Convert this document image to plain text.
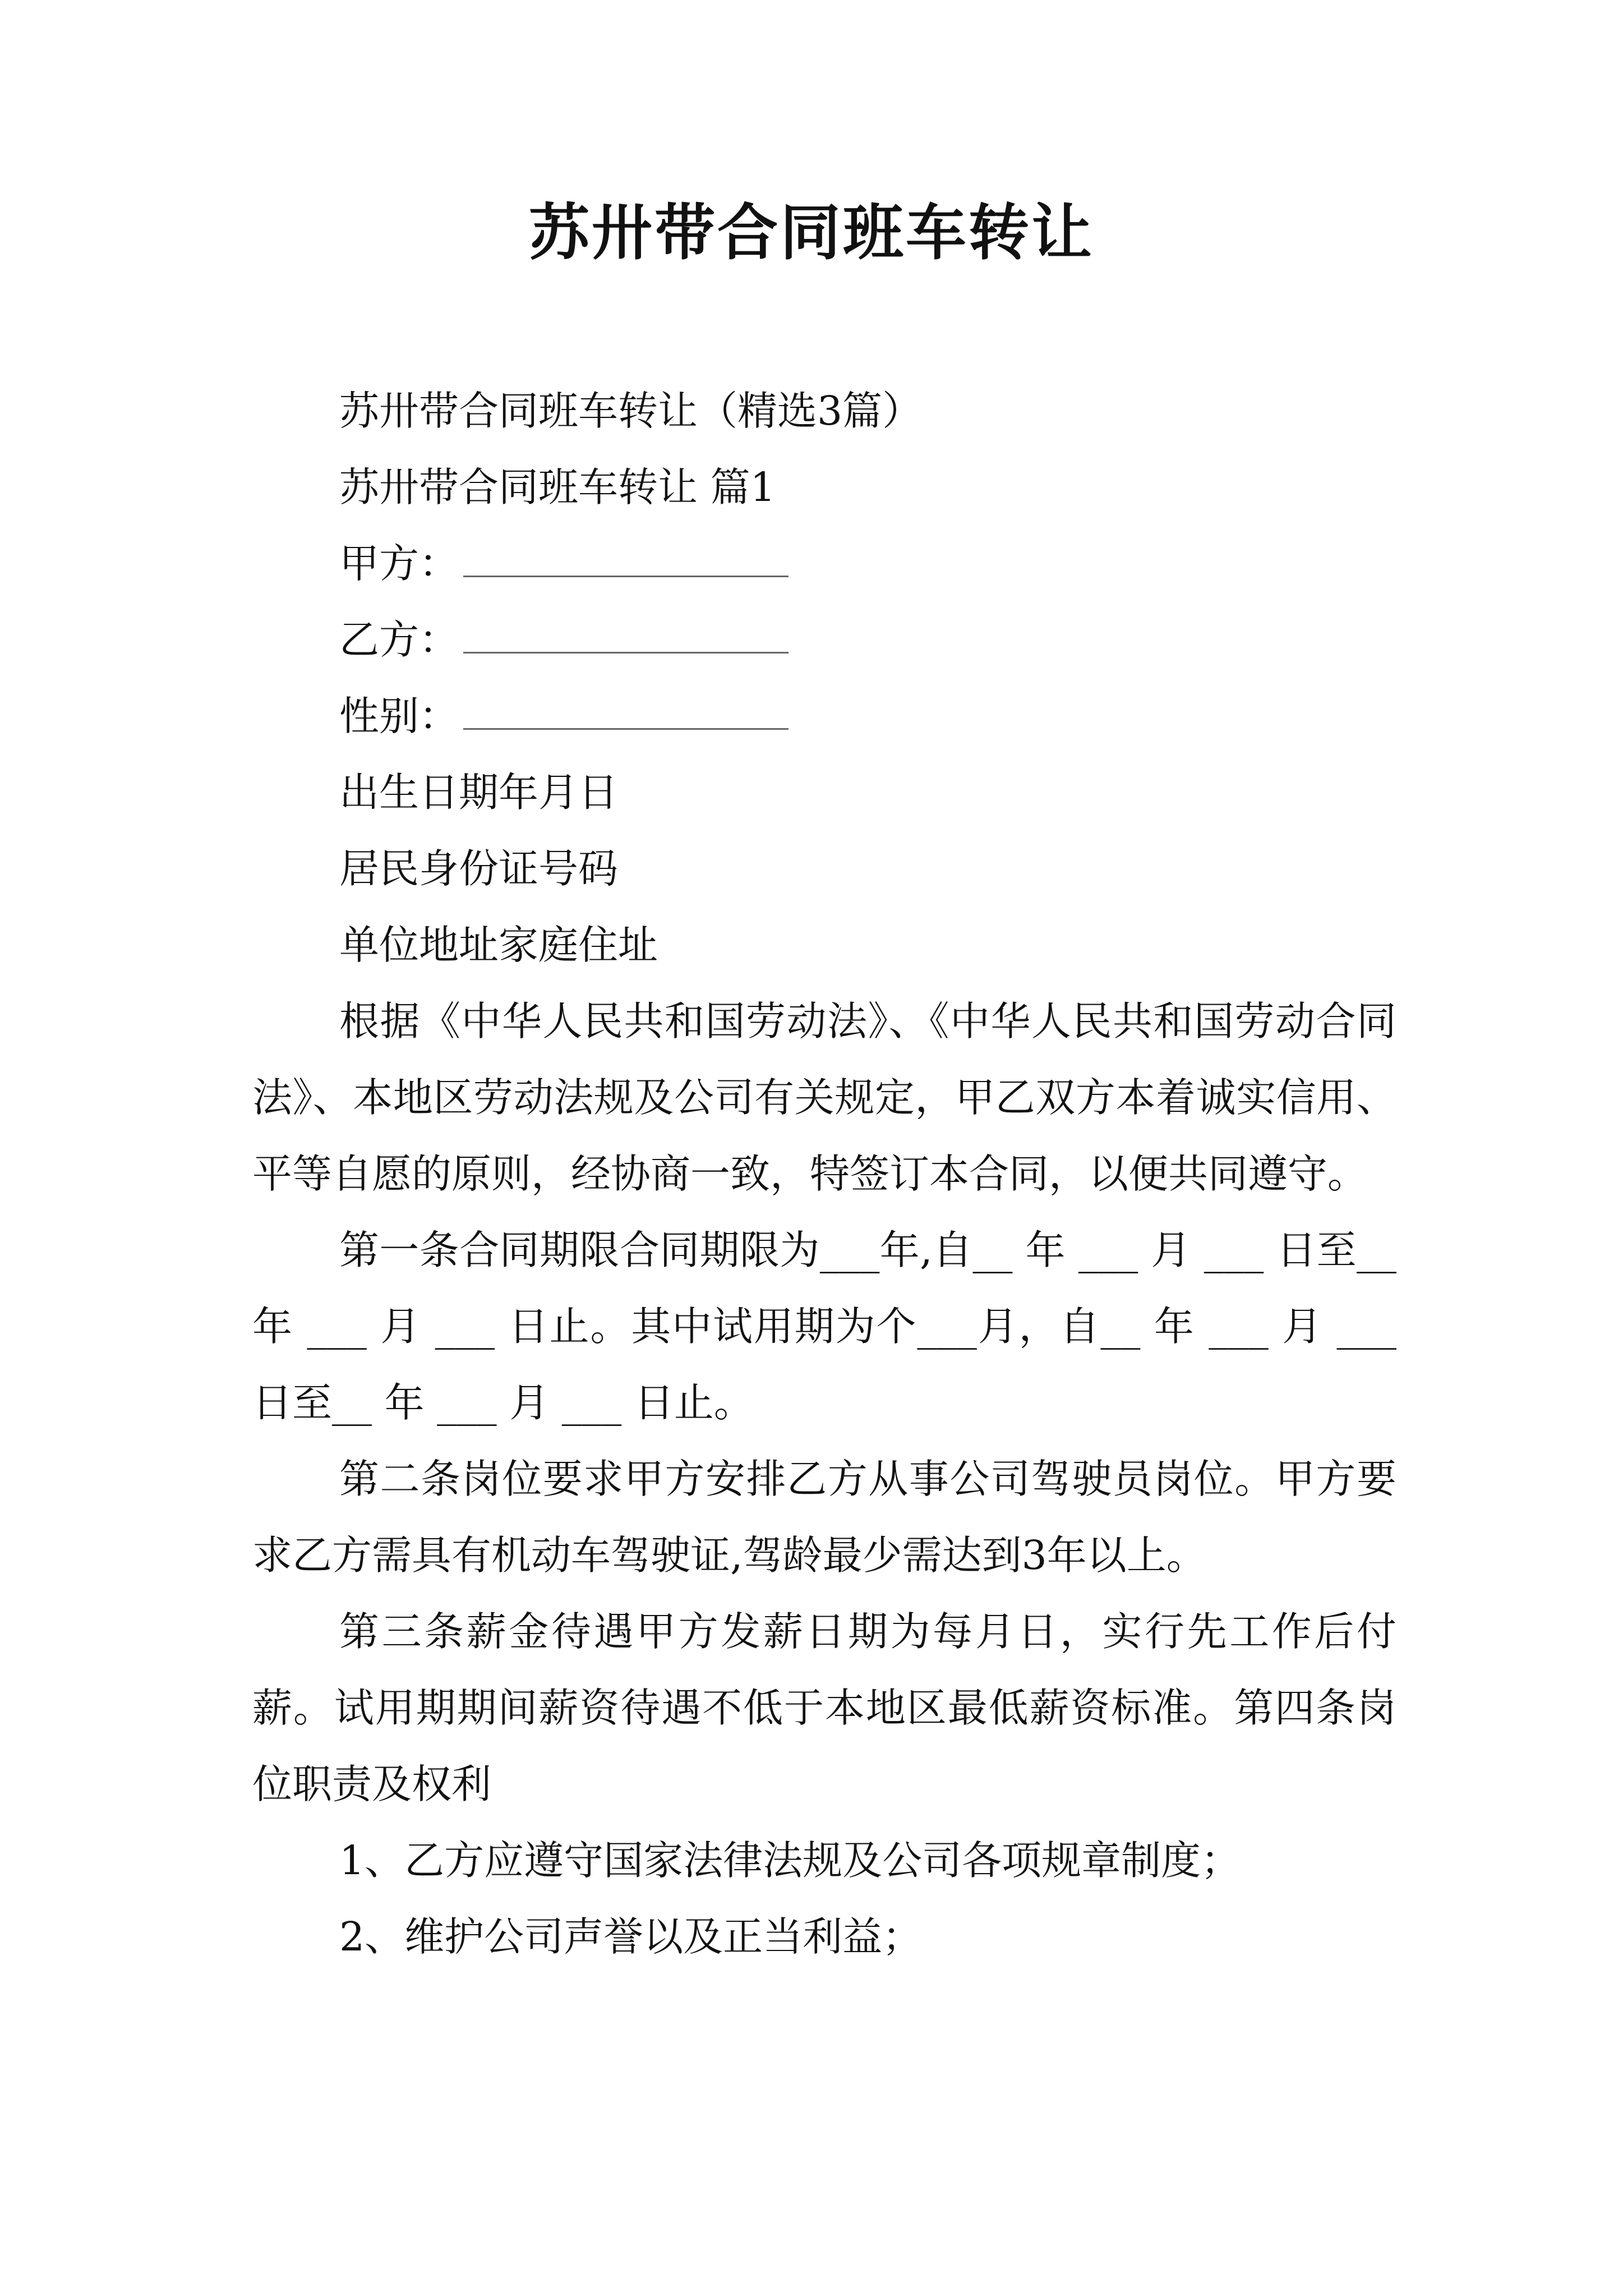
苏卅带合同班车转让

苏卅带合同班车转让（精选3篇）

苏卅带合同班车转让 篇1

甲方：

乙方：

性别：

出生日期年月日

居民身份证号码

单位地址家庭住址

根据《中华人民共和国劳动法》、《中华人民共和国劳动合同法》、本地区劳动法规及公司有关规定，甲乙双方本着诚实信用、平等自愿的原则，经协商一致，特签订本合同，以便共同遵守。

第一条合同期限合同期限为___年,自__ 年 ___ 月 ___ 日至__ 年 ___ 月 ___ 日止。其中试用期为个___月，自__ 年 ___ 月 ___ 日至__ 年 ___ 月 ___ 日止。

第二条岗位要求甲方安排乙方从事公司驾驶员岗位。甲方要求乙方需具有机动车驾驶证,驾龄最少需达到3年以上。

第三条薪金待遇甲方发薪日期为每月日，实行先工作后付薪。试用期期间薪资待遇不低于本地区最低薪资标准。第四条岗位职责及权利

1、乙方应遵守国家法律法规及公司各项规章制度；

2、维护公司声誉以及正当利益；
